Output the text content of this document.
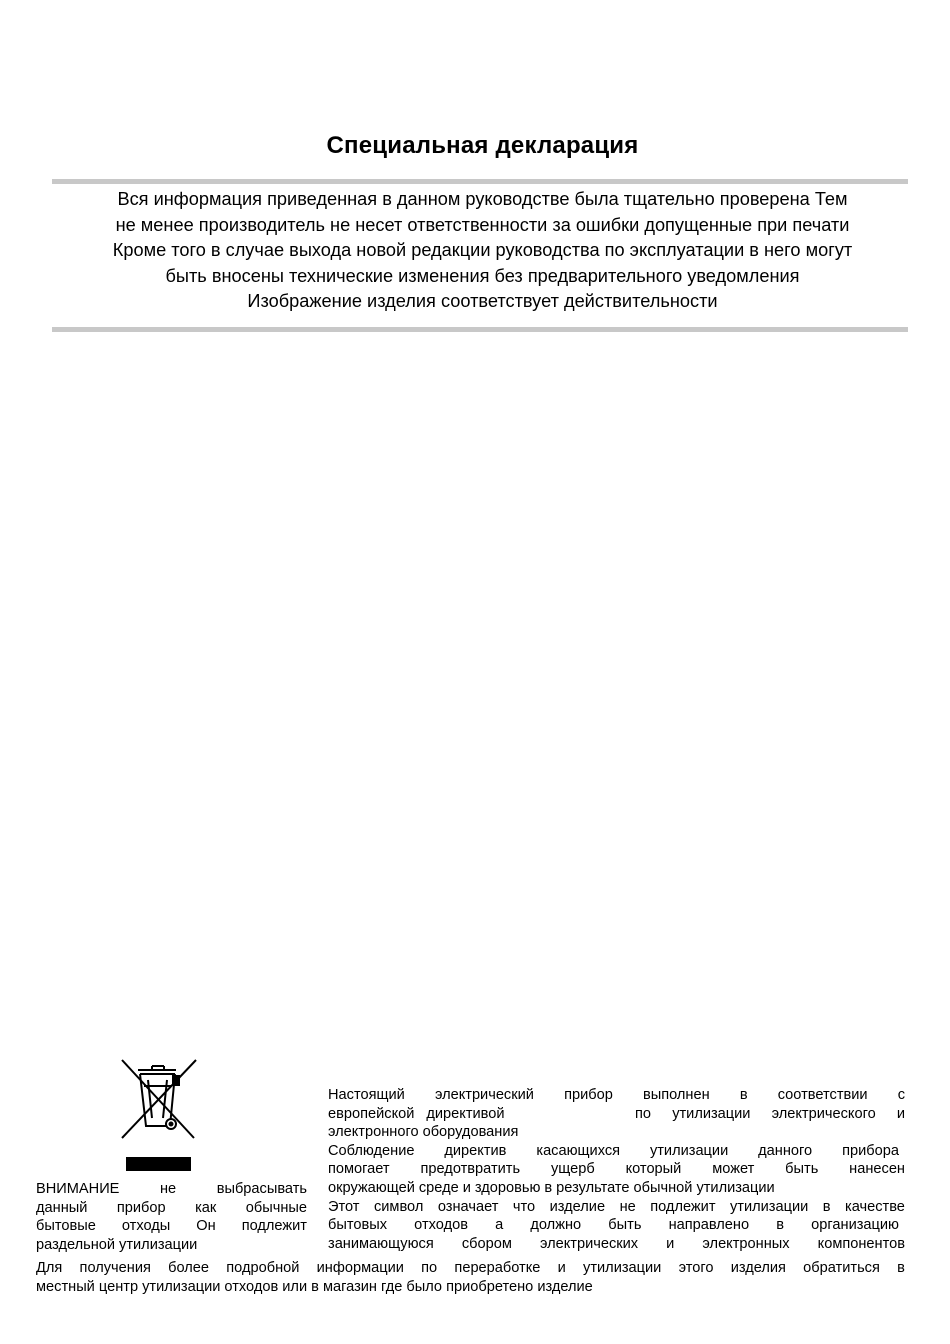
Специальная декларация
Вся информация приведенная в данном руководстве была тщательно проверена Тем
не менее производитель не несет ответственности за ошибки допущенные при печати
Кроме того в случае выхода новой редакции руководства по эксплуатации в него могут
быть вносены технические изменения без предварительного уведомления
Изображение изделия соответствует действительности
ВНИМАНИЕ	не	выбрасывать
данный прибор как обычные
бытовые отходы Он подлежит
раздельной утилизации
Настоящий электрический прибор выполнен в соответствии с
европейской директивой	по утилизации электрического и
электронного оборудования
Соблюдение директив касающихся утилизации данного прибора
помогает предотвратить ущерб который может быть нанесен
окружающей среде и здоровью в результате обычной утилизации
Этот символ означает что изделие не подлежит утилизации в качестве
бытовых отходов а должно быть направлено в организацию
занимающуюся сбором электрических и электронных компонентов
Для получения более подробной информации по переработке и утилизации этого изделия обратиться в
местный центр утилизации отходов или в магазин где было приобретено изделие
